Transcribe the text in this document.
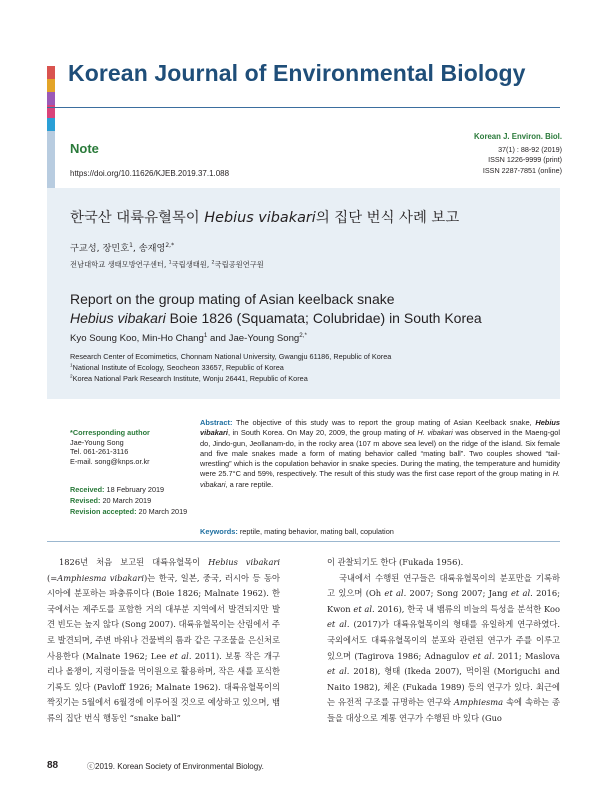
Korean Journal of Environmental Biology
Note
https://doi.org/10.11626/KJEB.2019.37.1.088
Korean J. Environ. Biol.
37(1) : 88-92 (2019)
ISSN 1226-9999 (print)
ISSN 2287-7851 (online)
한국산 대륙유혈목이 Hebius vibakari의 집단 번식 사례 보고
구교성, 장민호$^1$, 송재영$^{2,*}$
전남대학교 생태모방연구센터, $^1$국립생태원, $^2$국립공원연구원
Report on the group mating of Asian keelback snake
Hebius vibakari Boie 1826 (Squamata; Colubridae) in South Korea
Kyo Soung Koo, Min-Ho Chang$^1$ and Jae-Young Song$^{2,*}$
Research Center of Ecomimetics, Chonnam National University, Gwangju 61186, Republic of Korea
$^1$National Institute of Ecology, Seocheon 33657, Republic of Korea
$^2$Korea National Park Research Institute, Wonju 26441, Republic of Korea
*Corresponding author
Jae-Young Song
Tel. 061-261-3116
E-mail. song@knps.or.kr
Received: 18 February 2019
Revised: 20 March 2019
Revision accepted: 20 March 2019
Abstract: The objective of this study was to report the group mating of Asian Keelback snake, Hebius vibakari, in South Korea. On May 20, 2009, the group mating of H. vibakari was observed in the Maeng-gol do, Jindo-gun, Jeollanam-do, in the rocky area (107 m above sea level) on the ridge of the island. Six female and five male snakes made a form of mating behavior called “mating ball”. Two couples showed “tail-wrestling” which is the copulation behavior in snake species. During the mating, the temperature and humidity were 25.7°C and 59%, respectively. The result of this study was the first case report of the group mating in H. vibakari, a rare reptile.
Keywords: reptile, mating behavior, mating ball, copulation

1826년 처음 보고된 대륙유혈목이 Hebius vibakari (=Amphiesma vibakari)는 한국, 일본, 중국, 러시아 등 동아시아에 분포하는 파충류이다 (Boie 1826; Malnate 1962). 한국에서는 제주도를 포함한 거의 대부분 지역에서 발견되지만 발견 빈도는 높지 않다 (Song 2007). 대륙유혈목이는 산림에서 주로 발견되며, 주변 바위나 건물벽의 틈과 같은 구조물을 은신처로 사용한다 (Malnate 1962; Lee et al. 2011). 보통 작은 개구리나 올챙이, 지렁이들을 먹이원으로 활용하며, 작은 새를 포식한 기록도 있다 (Pavloff 1926; Malnate 1962). 대륙유혈목이의 짝짓기는 5월에서 6월경에 이루어질 것으로 예상하고 있으며, 뱀류의 집단 번식 행동인 “snake ball”

이 관찰되기도 한다 (Fukada 1956).

국내에서 수행된 연구들은 대륙유혈목이의 분포만을 기록하고 있으며 (Oh et al. 2007; Song 2007; Jang et al. 2016; Kwon et al. 2016), 한국 내 뱀류의 비늘의 특성을 분석한 Koo et al. (2017)가 대륙유혈목이의 형태를 유일하게 연구하였다. 국외에서도 대륙유혈목이의 분포와 관련된 연구가 주를 이루고 있으며 (Tagirova 1986; Adnagulov et al. 2011; Maslova et al. 2018), 형태 (Ikeda 2007), 먹이원 (Moriguchi and Naito 1982), 체온 (Fukada 1989) 등의 연구가 있다. 최근에는 유전적 구조를 규명하는 연구와 Amphiesma 속에 속하는 종들을 대상으로 계통 연구가 수행된 바 있다 (Guo

88	ⓒ2019. Korean Society of Environmental Biology.
